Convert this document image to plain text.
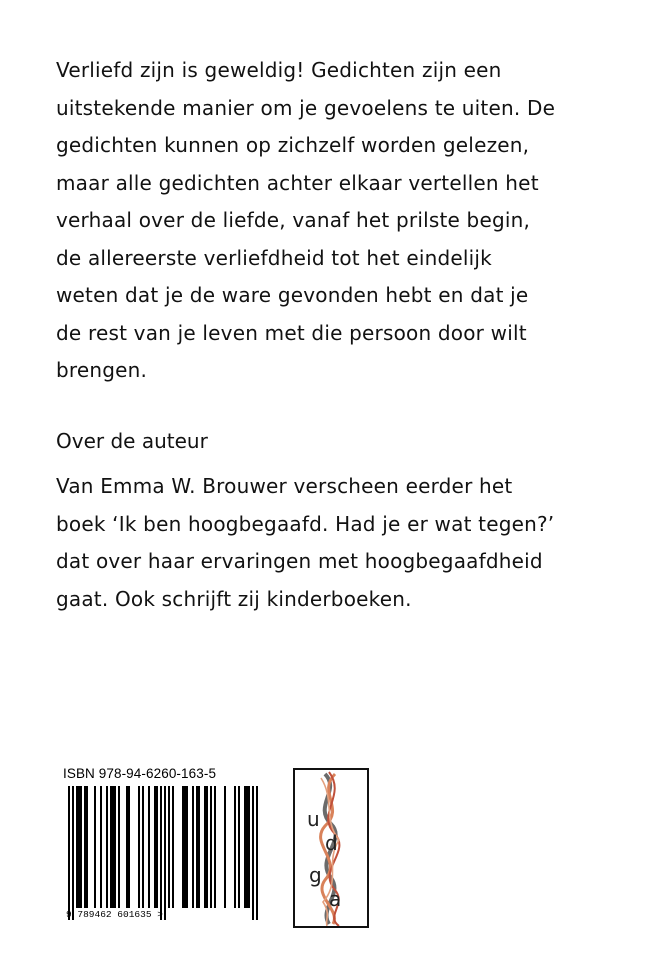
Verliefd zijn is geweldig! Gedichten zijn een
uitstekende manier om je gevoelens te uiten. De
gedichten kunnen op zichzelf worden gelezen,
maar alle gedichten achter elkaar vertellen het
verhaal over de liefde, vanaf het prilste begin,
de allereerste verliefdheid tot het eindelijk
weten dat je de ware gevonden hebt en dat je
de rest van je leven met die persoon door wilt
brengen.
Over de auteur
Van Emma W. Brouwer verscheen eerder het
boek ‘Ik ben hoogbegaafd. Had je er wat tegen?’
dat over haar ervaringen met hoogbegaafdheid
gaat. Ook schrijft zij kinderboeken.
ISBN 978-94-6260-163-5
9 789462 601635 >
u
d
g
a
